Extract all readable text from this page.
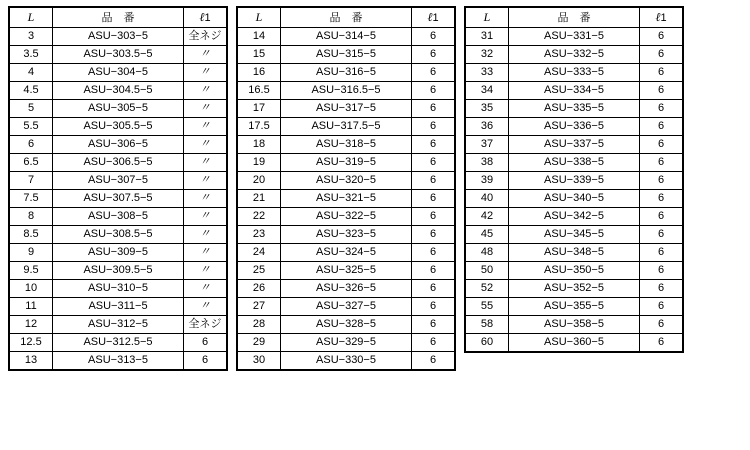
L	品　番	ℓ1
3	ASU−303−5	全ネジ
3.5	ASU−303.5−5	〃
4	ASU−304−5	〃
4.5	ASU−304.5−5	〃
5	ASU−305−5	〃
5.5	ASU−305.5−5	〃
6	ASU−306−5	〃
6.5	ASU−306.5−5	〃
7	ASU−307−5	〃
7.5	ASU−307.5−5	〃
8	ASU−308−5	〃
8.5	ASU−308.5−5	〃
9	ASU−309−5	〃
9.5	ASU−309.5−5	〃
10	ASU−310−5	〃
11	ASU−311−5	〃
12	ASU−312−5	全ネジ
12.5	ASU−312.5−5	6
13	ASU−313−5	6
L	品　番	ℓ1
14	ASU−314−5	6
15	ASU−315−5	6
16	ASU−316−5	6
16.5	ASU−316.5−5	6
17	ASU−317−5	6
17.5	ASU−317.5−5	6
18	ASU−318−5	6
19	ASU−319−5	6
20	ASU−320−5	6
21	ASU−321−5	6
22	ASU−322−5	6
23	ASU−323−5	6
24	ASU−324−5	6
25	ASU−325−5	6
26	ASU−326−5	6
27	ASU−327−5	6
28	ASU−328−5	6
29	ASU−329−5	6
30	ASU−330−5	6
L	品　番	ℓ1
31	ASU−331−5	6
32	ASU−332−5	6
33	ASU−333−5	6
34	ASU−334−5	6
35	ASU−335−5	6
36	ASU−336−5	6
37	ASU−337−5	6
38	ASU−338−5	6
39	ASU−339−5	6
40	ASU−340−5	6
42	ASU−342−5	6
45	ASU−345−5	6
48	ASU−348−5	6
50	ASU−350−5	6
52	ASU−352−5	6
55	ASU−355−5	6
58	ASU−358−5	6
60	ASU−360−5	6
